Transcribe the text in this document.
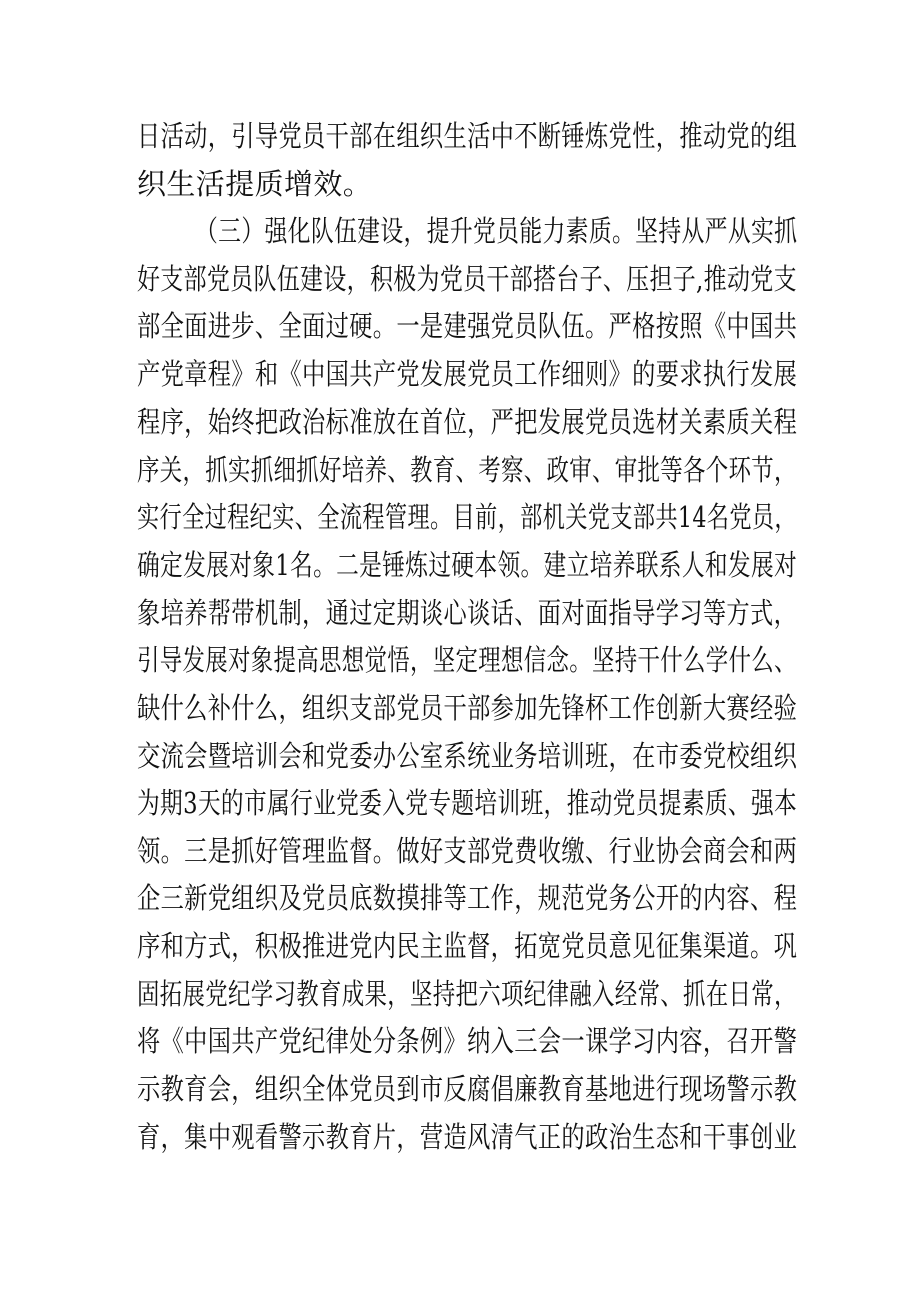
日活动，引导党员干部在组织生活中不断锤炼党性，推动党的组
织生活提质增效。
（三）强化队伍建设，提升党员能力素质。坚持从严从实抓
好支部党员队伍建设，积极为党员干部搭台子、压担子,推动党支
部全面进步、全面过硬。一是建强党员队伍。严格按照《中国共
产党章程》和《中国共产党发展党员工作细则》的要求执行发展
程序，始终把政治标准放在首位，严把发展党员选材关素质关程
序关，抓实抓细抓好培养、教育、考察、政审、审批等各个环节，
实行全过程纪实、全流程管理。目前，部机关党支部共14名党员，
确定发展对象1名。二是锤炼过硬本领。建立培养联系人和发展对
象培养帮带机制，通过定期谈心谈话、面对面指导学习等方式，
引导发展对象提高思想觉悟，坚定理想信念。坚持干什么学什么、
缺什么补什么，组织支部党员干部参加先锋杯工作创新大赛经验
交流会暨培训会和党委办公室系统业务培训班，在市委党校组织
为期3天的市属行业党委入党专题培训班，推动党员提素质、强本
领。三是抓好管理监督。做好支部党费收缴、行业协会商会和两
企三新党组织及党员底数摸排等工作，规范党务公开的内容、程
序和方式，积极推进党内民主监督，拓宽党员意见征集渠道。巩
固拓展党纪学习教育成果，坚持把六项纪律融入经常、抓在日常，
将《中国共产党纪律处分条例》纳入三会一课学习内容，召开警
示教育会，组织全体党员到市反腐倡廉教育基地进行现场警示教
育，集中观看警示教育片，营造风清气正的政治生态和干事创业
